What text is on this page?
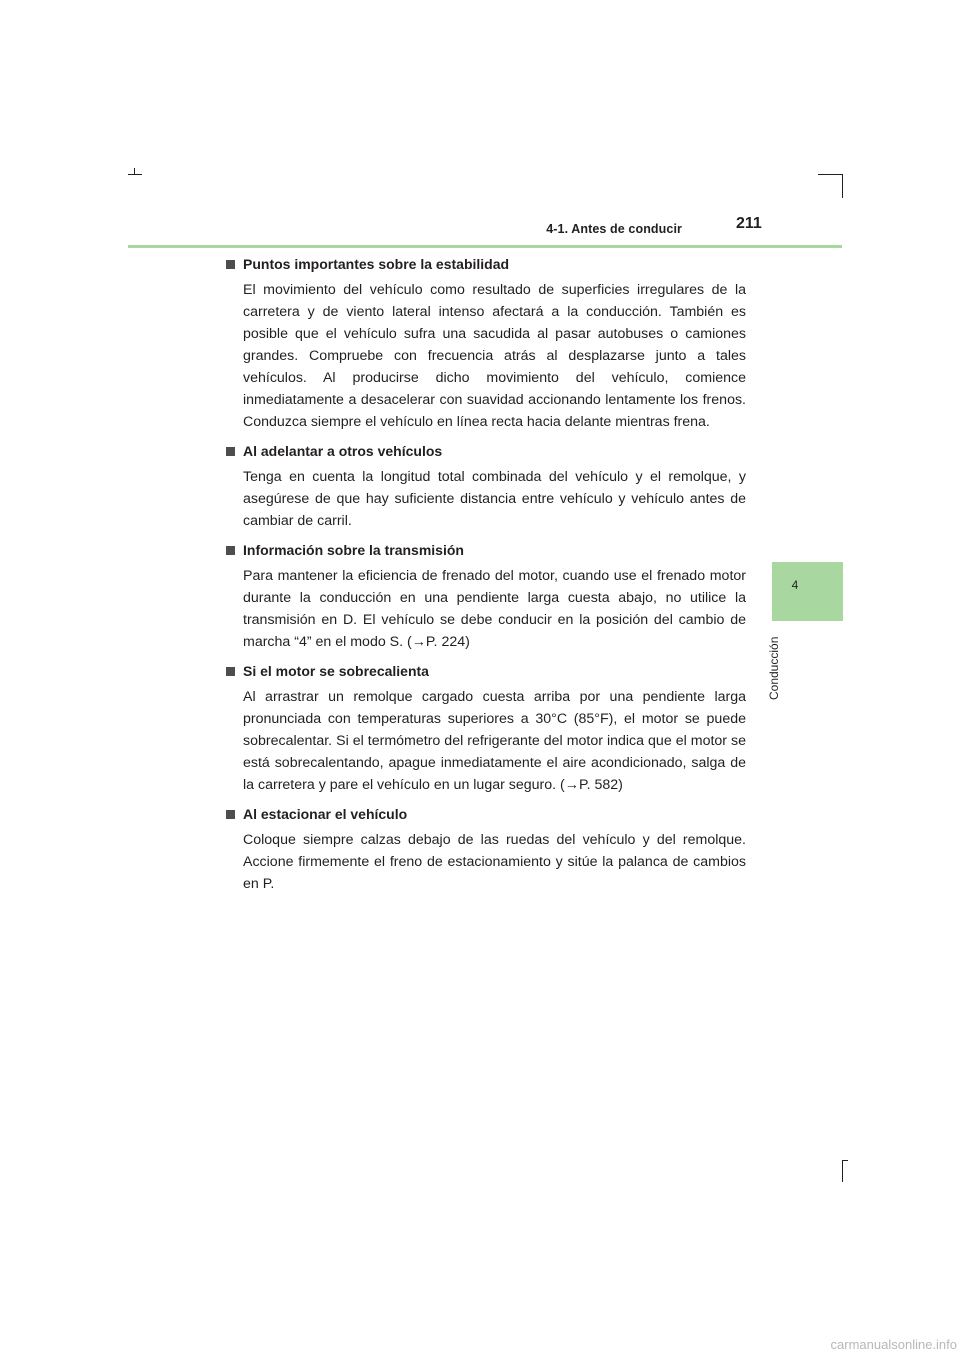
4-1. Antes de conducir	211
4
Conducción
Puntos importantes sobre la estabilidad
El movimiento del vehículo como resultado de superficies irregulares de la carretera y de viento lateral intenso afectará a la conducción. También es posible que el vehículo sufra una sacudida al pasar autobuses o camiones grandes. Compruebe con frecuencia atrás al desplazarse junto a tales vehículos. Al producirse dicho movimiento del vehículo, comience inmediatamente a desacelerar con suavidad accionando lentamente los frenos. Conduzca siempre el vehículo en línea recta hacia delante mientras frena.
Al adelantar a otros vehículos
Tenga en cuenta la longitud total combinada del vehículo y el remolque, y asegúrese de que hay suficiente distancia entre vehículo y vehículo antes de cambiar de carril.
Información sobre la transmisión
Para mantener la eficiencia de frenado del motor, cuando use el frenado motor durante la conducción en una pendiente larga cuesta abajo, no utilice la transmisión en D. El vehículo se debe conducir en la posición del cambio de marcha “4” en el modo S. (→P. 224)
Si el motor se sobrecalienta
Al arrastrar un remolque cargado cuesta arriba por una pendiente larga pronunciada con temperaturas superiores a 30°C (85°F), el motor se puede sobrecalentar. Si el termómetro del refrigerante del motor indica que el motor se está sobrecalentando, apague inmediatamente el aire acondicionado, salga de la carretera y pare el vehículo en un lugar seguro. (→P. 582)
Al estacionar el vehículo
Coloque siempre calzas debajo de las ruedas del vehículo y del remolque. Accione firmemente el freno de estacionamiento y sitúe la palanca de cambios en P.
carmanualsonline.info
